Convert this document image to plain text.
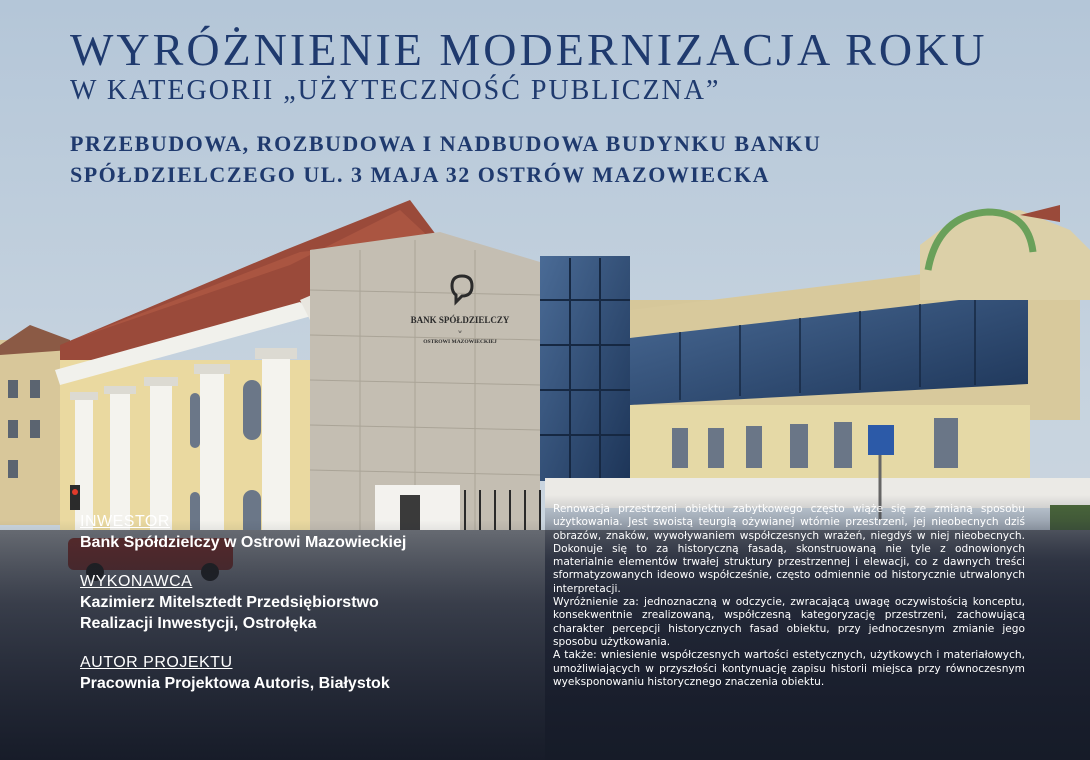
BANK SPÓŁDZIELCZY
w
OSTROWI MAZOWIECKIEJ
WYRÓŻNIENIE MODERNIZACJA ROKU
W KATEGORII „UŻYTECZNOŚĆ PUBLICZNA”
PRZEBUDOWA, ROZBUDOWA I NADBUDOWA BUDYNKU BANKU
SPÓŁDZIELCZEGO UL. 3 MAJA 32 OSTRÓW MAZOWIECKA
INWESTOR
Bank Spółdzielczy w Ostrowi Mazowieckiej
WYKONAWCA
Kazimierz Mitelsztedt Przedsiębiorstwo
Realizacji Inwestycji, Ostrołęka
AUTOR PROJEKTU
Pracownia Projektowa Autoris, Białystok

Renowacja przestrzeni obiektu zabytkowego często wiąże się ze zmianą sposobu użytkowania. Jest swoistą teurgią ożywianej wtórnie przestrzeni, jej nieobecnych dziś obrazów, znaków, wywoływaniem współczesnych wrażeń, niegdyś w niej nieobecnych. Dokonuje się to za historyczną fasadą, skonstruowaną nie tyle z odnowionych materialnie elementów trwałej struktury przestrzennej i elewacji, co z dawnych treści sformatyzowanych ideowo współcześnie, często odmiennie od historycznie utrwalonych interpretacji.

Wyróżnienie za: jednoznaczną w odczycie, zwracającą uwagę oczywistością konceptu, konsekwentnie zrealizowaną, współczesną kategoryzację przestrzeni, zachowującą charakter percepcji historycznych fasad obiektu, przy jednoczesnym zmianie jego sposobu użytkowania.

A także: wniesienie współczesnych wartości estetycznych, użytkowych i materiałowych, umożliwiających w przyszłości kontynuację zapisu historii miejsca przy równoczesnym wyeksponowaniu historycznego znaczenia obiektu.
